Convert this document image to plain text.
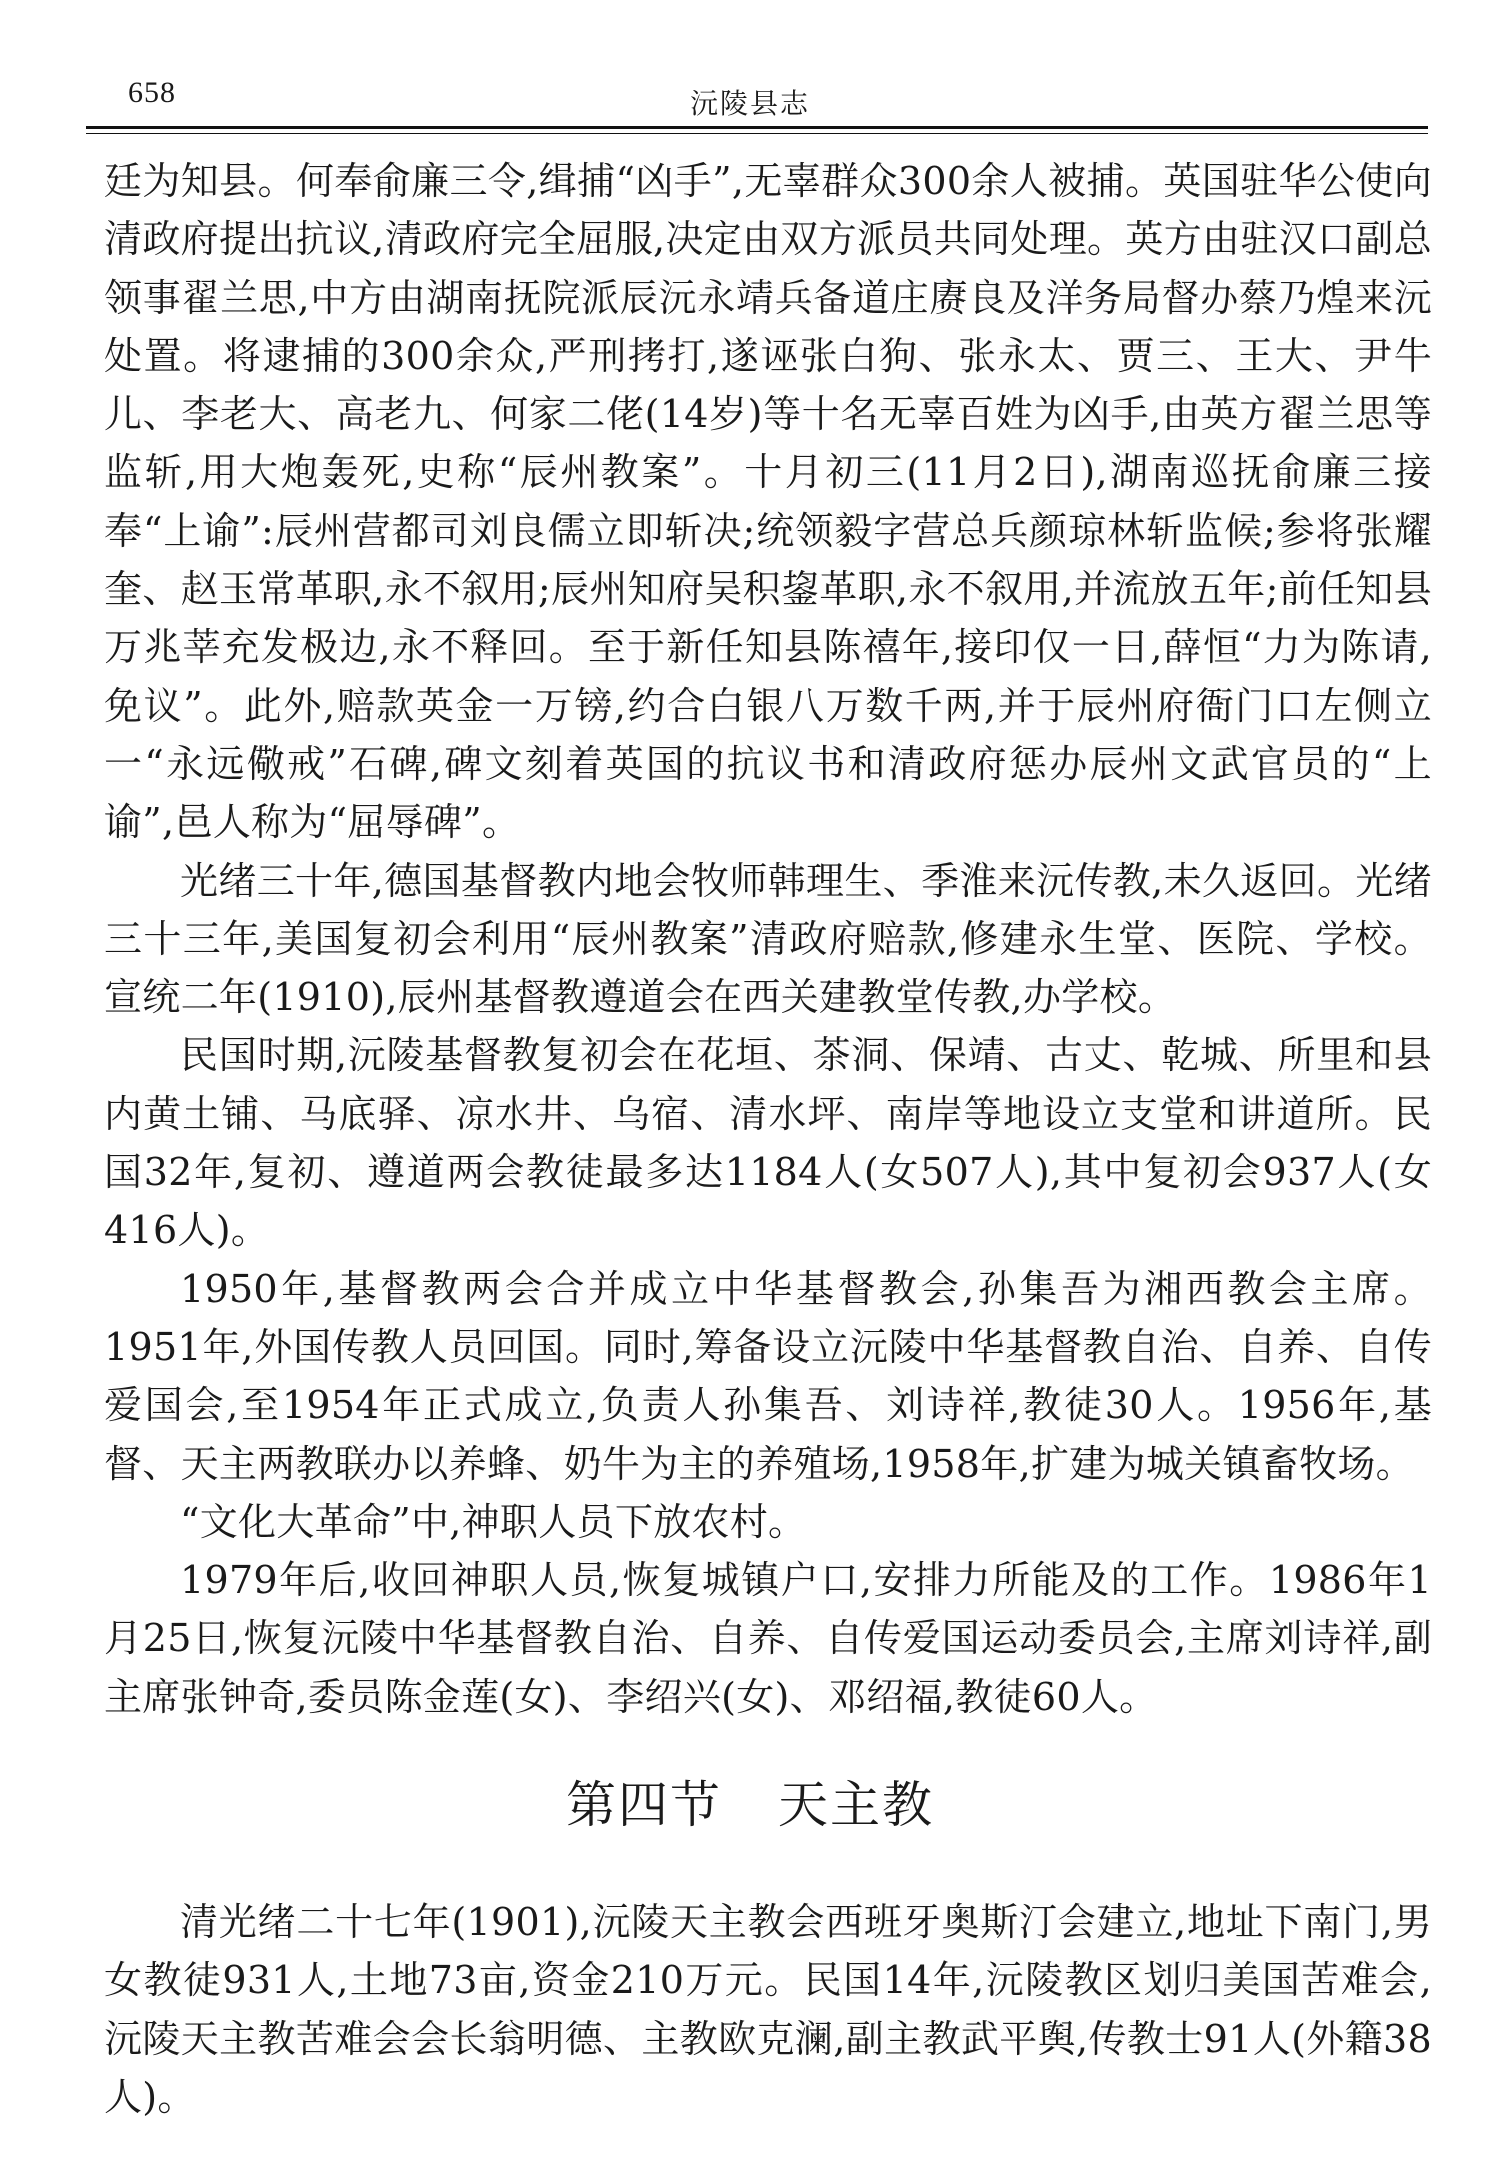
658	沅陵县志

廷为知县。何奉俞廉三令,缉捕“凶手”,无辜群众300余人被捕。英国驻华公使向清政府提出抗议,清政府完全屈服,决定由双方派员共同处理。英方由驻汉口副总领事翟兰思,中方由湖南抚院派辰沅永靖兵备道庄赓良及洋务局督办蔡乃煌来沅处置。将逮捕的300余众,严刑拷打,遂诬张白狗、张永太、贾三、王大、尹牛儿、李老大、高老九、何家二佬(14岁)等十名无辜百姓为凶手,由英方翟兰思等监斩,用大炮轰死,史称“辰州教案”。十月初三(11月2日),湖南巡抚俞廉三接奉“上谕”:辰州营都司刘良儒立即斩决;统领毅字营总兵颜琼林斩监候;参将张耀奎、赵玉常革职,永不叙用;辰州知府吴积鋆革职,永不叙用,并流放五年;前任知县万兆莘充发极边,永不释回。至于新任知县陈禧年,接印仅一日,薛恒“力为陈请,免议”。此外,赔款英金一万镑,约合白银八万数千两,并于辰州府衙门口左侧立一“永远儆戒”石碑,碑文刻着英国的抗议书和清政府惩办辰州文武官员的“上谕”,邑人称为“屈辱碑”。

光绪三十年,德国基督教内地会牧师韩理生、季淮来沅传教,未久返回。光绪三十三年,美国复初会利用“辰州教案”清政府赔款,修建永生堂、医院、学校。宣统二年(1910),辰州基督教遵道会在西关建教堂传教,办学校。

民国时期,沅陵基督教复初会在花垣、茶洞、保靖、古丈、乾城、所里和县内黄土铺、马底驿、凉水井、乌宿、清水坪、南岸等地设立支堂和讲道所。民国32年,复初、遵道两会教徒最多达1184人(女507人),其中复初会937人(女416人)。

1950年,基督教两会合并成立中华基督教会,孙集吾为湘西教会主席。1951年,外国传教人员回国。同时,筹备设立沅陵中华基督教自治、自养、自传爱国会,至1954年正式成立,负责人孙集吾、刘诗祥,教徒30人。1956年,基督、天主两教联办以养蜂、奶牛为主的养殖场,1958年,扩建为城关镇畜牧场。

“文化大革命”中,神职人员下放农村。

1979年后,收回神职人员,恢复城镇户口,安排力所能及的工作。1986年1月25日,恢复沅陵中华基督教自治、自养、自传爱国运动委员会,主席刘诗祥,副主席张钟奇,委员陈金莲(女)、李绍兴(女)、邓绍福,教徒60人。

第四节 天主教

清光绪二十七年(1901),沅陵天主教会西班牙奥斯汀会建立,地址下南门,男女教徒931人,土地73亩,资金210万元。民国14年,沅陵教区划归美国苦难会,沅陵天主教苦难会会长翁明德、主教欧克澜,副主教武平舆,传教士91人(外籍38人)。
